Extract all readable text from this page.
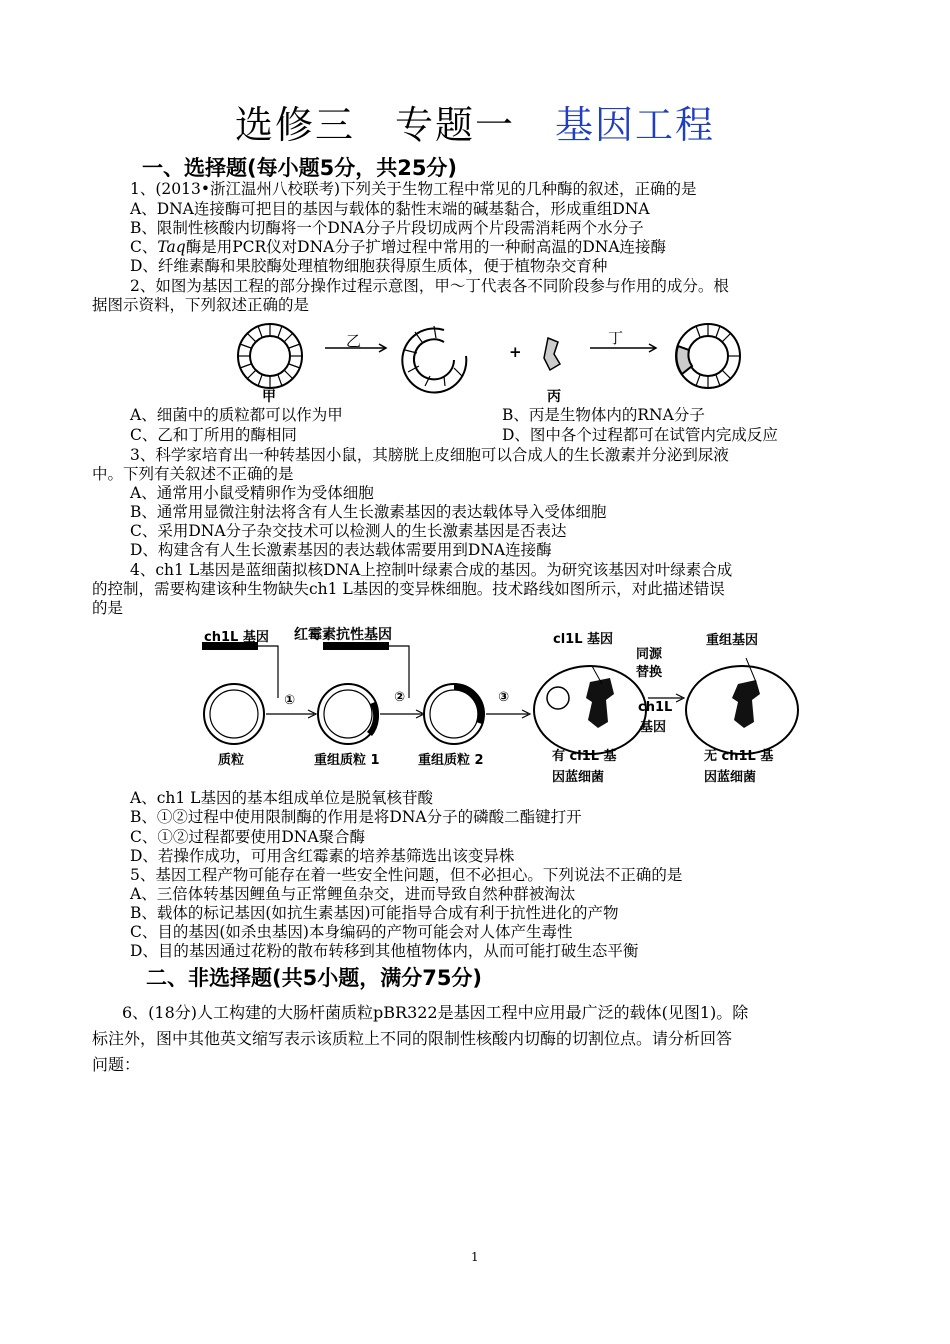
选修三　专题一　基因工程
一、选择题(每小题5分，共25分)
1、(2013•浙江温州八校联考)下列关于生物工程中常见的几种酶的叙述，正确的是
A、DNA连接酶可把目的基因与载体的黏性末端的碱基黏合，形成重组DNA
B、限制性核酸内切酶将一个DNA分子片段切成两个片段需消耗两个水分子
C、Taq酶是用PCR仪对DNA分子扩增过程中常用的一种耐高温的DNA连接酶
D、纤维素酶和果胶酶处理植物细胞获得原生质体，便于植物杂交育种
2、如图为基因工程的部分操作过程示意图，甲～丁代表各不同阶段参与作用的成分。根
据图示资料，下列叙述正确的是
甲
乙
+
丙
丁
A、细菌中的质粒都可以作为甲	B、丙是生物体内的RNA分子
C、乙和丁所用的酶相同	D、图中各个过程都可在试管内完成反应
3、科学家培育出一种转基因小鼠，其膀胱上皮细胞可以合成人的生长激素并分泌到尿液
中。下列有关叙述不正确的是
A、通常用小鼠受精卵作为受体细胞
B、通常用显微注射法将含有人生长激素基因的表达载体导入受体细胞
C、采用DNA分子杂交技术可以检测人的生长激素基因是否表达
D、构建含有人生长激素基因的表达载体需要用到DNA连接酶
4、ch1 L基因是蓝细菌拟核DNA上控制叶绿素合成的基因。为研究该基因对叶绿素合成
的控制，需要构建该种生物缺失ch1 L基因的变异株细胞。技术路线如图所示，对此描述错误
的是
ch1L 基因 红霉素抗性基因
①	②	③
质粒	重组质粒 1	重组质粒 2
cl1L 基因
同源
替换
ch1L
基因
重组基因
有 cl1L 基
因蓝细菌
无 ch1L 基
因蓝细菌
A、ch1 L基因的基本组成单位是脱氧核苷酸
B、①②过程中使用限制酶的作用是将DNA分子的磷酸二酯键打开
C、①②过程都要使用DNA聚合酶
D、若操作成功，可用含红霉素的培养基筛选出该变异株
5、基因工程产物可能存在着一些安全性问题，但不必担心。下列说法不正确的是
A、三倍体转基因鲤鱼与正常鲤鱼杂交，进而导致自然种群被淘汰
B、载体的标记基因(如抗生素基因)可能指导合成有利于抗性进化的产物
C、目的基因(如杀虫基因)本身编码的产物可能会对人体产生毒性
D、目的基因通过花粉的散布转移到其他植物体内，从而可能打破生态平衡
二、非选择题(共5小题，满分75分)
6、(18分)人工构建的大肠杆菌质粒pBR322是基因工程中应用最广泛的载体(见图1)。除
标注外，图中其他英文缩写表示该质粒上不同的限制性核酸内切酶的切割位点。请分析回答
问题：
1
